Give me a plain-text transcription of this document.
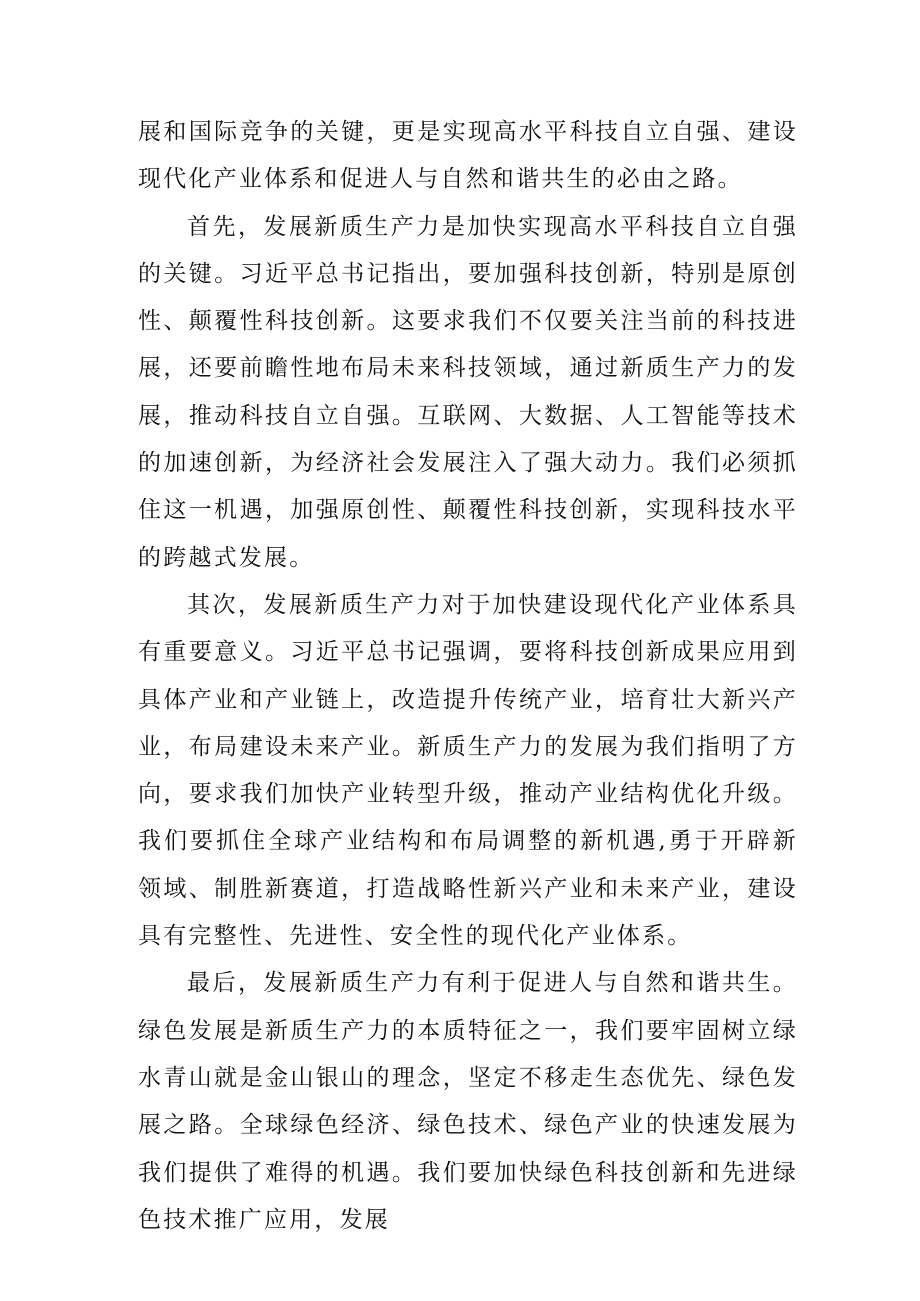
展和国际竞争的关键，更是实现高水平科技自立自强、建设现代化产业体系和促进人与自然和谐共生的必由之路。

首先，发展新质生产力是加快实现高水平科技自立自强的关键。习近平总书记指出，要加强科技创新，特别是原创性、颠覆性科技创新。这要求我们不仅要关注当前的科技进展，还要前瞻性地布局未来科技领域，通过新质生产力的发展，推动科技自立自强。互联网、大数据、人工智能等技术的加速创新，为经济社会发展注入了强大动力。我们必须抓住这一机遇，加强原创性、颠覆性科技创新，实现科技水平的跨越式发展。

其次，发展新质生产力对于加快建设现代化产业体系具有重要意义。习近平总书记强调，要将科技创新成果应用到具体产业和产业链上，改造提升传统产业，培育壮大新兴产业，布局建设未来产业。新质生产力的发展为我们指明了方向，要求我们加快产业转型升级，推动产业结构优化升级。我们要抓住全球产业结构和布局调整的新机遇,勇于开辟新领域、制胜新赛道，打造战略性新兴产业和未来产业，建设具有完整性、先进性、安全性的现代化产业体系。

最后，发展新质生产力有利于促进人与自然和谐共生。绿色发展是新质生产力的本质特征之一，我们要牢固树立绿水青山就是金山银山的理念，坚定不移走生态优先、绿色发展之路。全球绿色经济、绿色技术、绿色产业的快速发展为我们提供了难得的机遇。我们要加快绿色科技创新和先进绿色技术推广应用，发展
